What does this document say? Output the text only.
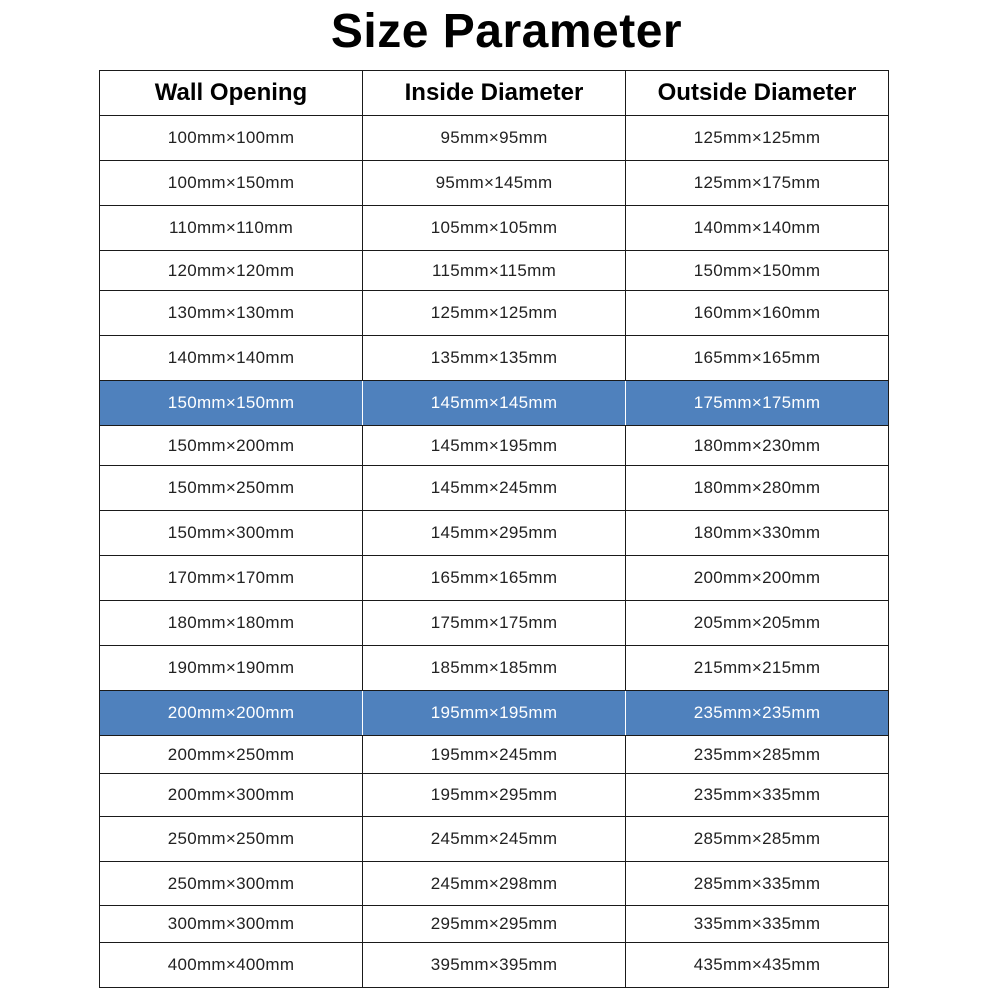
Size Parameter
Wall Opening	Inside Diameter	Outside Diameter
100mm×100mm	95mm×95mm	125mm×125mm
100mm×150mm	95mm×145mm	125mm×175mm
110mm×110mm	105mm×105mm	140mm×140mm
120mm×120mm	115mm×115mm	150mm×150mm
130mm×130mm	125mm×125mm	160mm×160mm
140mm×140mm	135mm×135mm	165mm×165mm
150mm×150mm	145mm×145mm	175mm×175mm
150mm×200mm	145mm×195mm	180mm×230mm
150mm×250mm	145mm×245mm	180mm×280mm
150mm×300mm	145mm×295mm	180mm×330mm
170mm×170mm	165mm×165mm	200mm×200mm
180mm×180mm	175mm×175mm	205mm×205mm
190mm×190mm	185mm×185mm	215mm×215mm
200mm×200mm	195mm×195mm	235mm×235mm
200mm×250mm	195mm×245mm	235mm×285mm
200mm×300mm	195mm×295mm	235mm×335mm
250mm×250mm	245mm×245mm	285mm×285mm
250mm×300mm	245mm×298mm	285mm×335mm
300mm×300mm	295mm×295mm	335mm×335mm
400mm×400mm	395mm×395mm	435mm×435mm
